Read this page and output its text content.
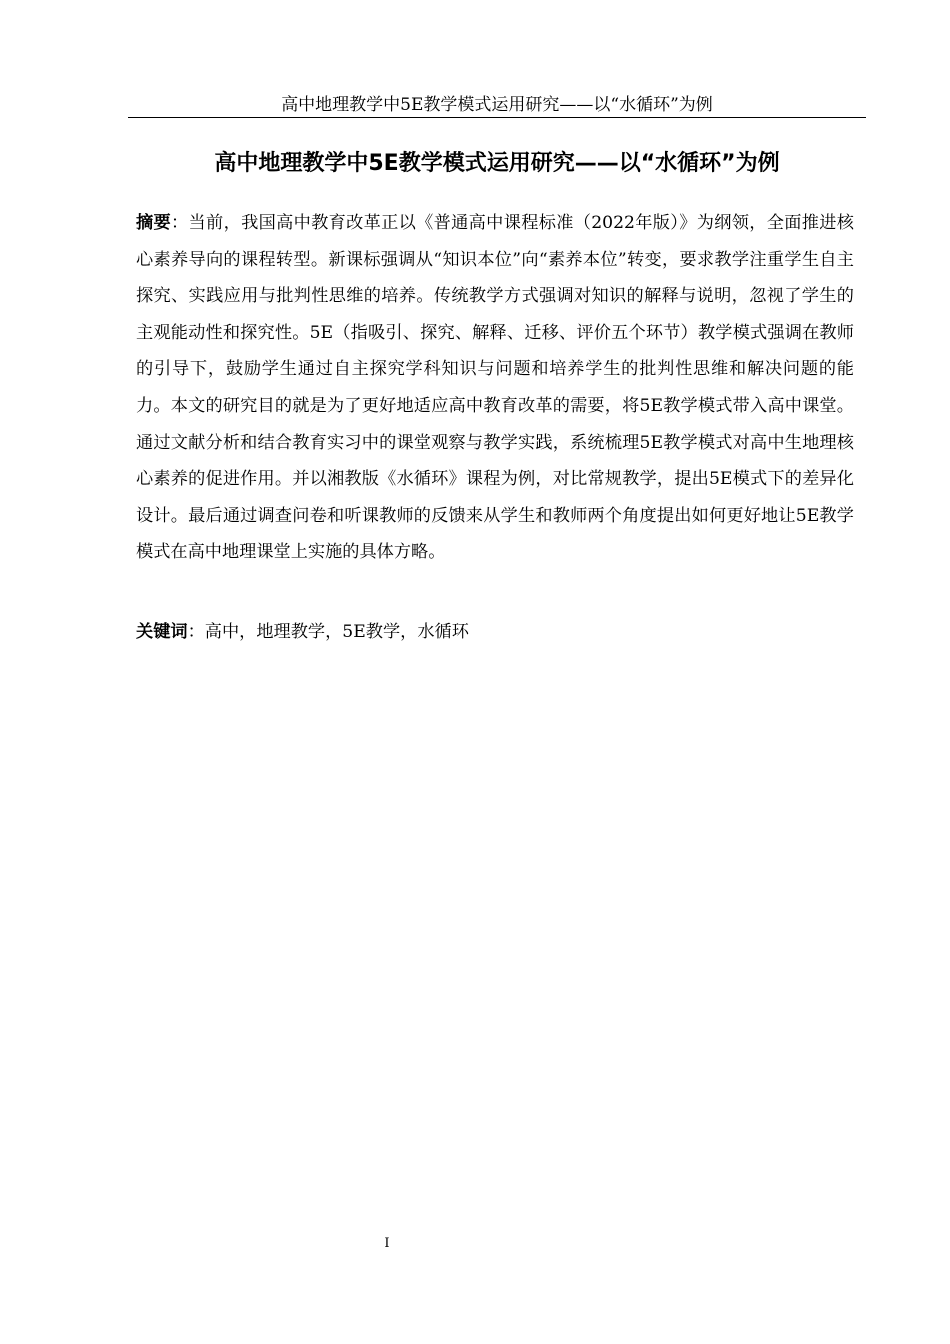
高中地理教学中5E教学模式运用研究——以“水循环”为例
高中地理教学中5E教学模式运用研究——以“水循环”为例

摘要：当前，我国高中教育改革正以《普通高中课程标准（2022年版）》为纲领，全面推进核心素养导向的课程转型。新课标强调从“知识本位”向“素养本位”转变，要求教学注重学生自主探究、实践应用与批判性思维的培养。传统教学方式强调对知识的解释与说明，忽视了学生的主观能动性和探究性。5E（指吸引、探究、解释、迁移、评价五个环节）教学模式强调在教师的引导下，鼓励学生通过自主探究学科知识与问题和培养学生的批判性思维和解决问题的能力。本文的研究目的就是为了更好地适应高中教育改革的需要，将5E教学模式带入高中课堂。通过文献分析和结合教育实习中的课堂观察与教学实践，系统梳理5E教学模式对高中生地理核心素养的促进作用。并以湘教版《水循环》课程为例，对比常规教学，提出5E模式下的差异化设计。最后通过调查问卷和听课教师的反馈来从学生和教师两个角度提出如何更好地让5E教学模式在高中地理课堂上实施的具体方略。

关键词：高中，地理教学，5E教学，水循环

I
